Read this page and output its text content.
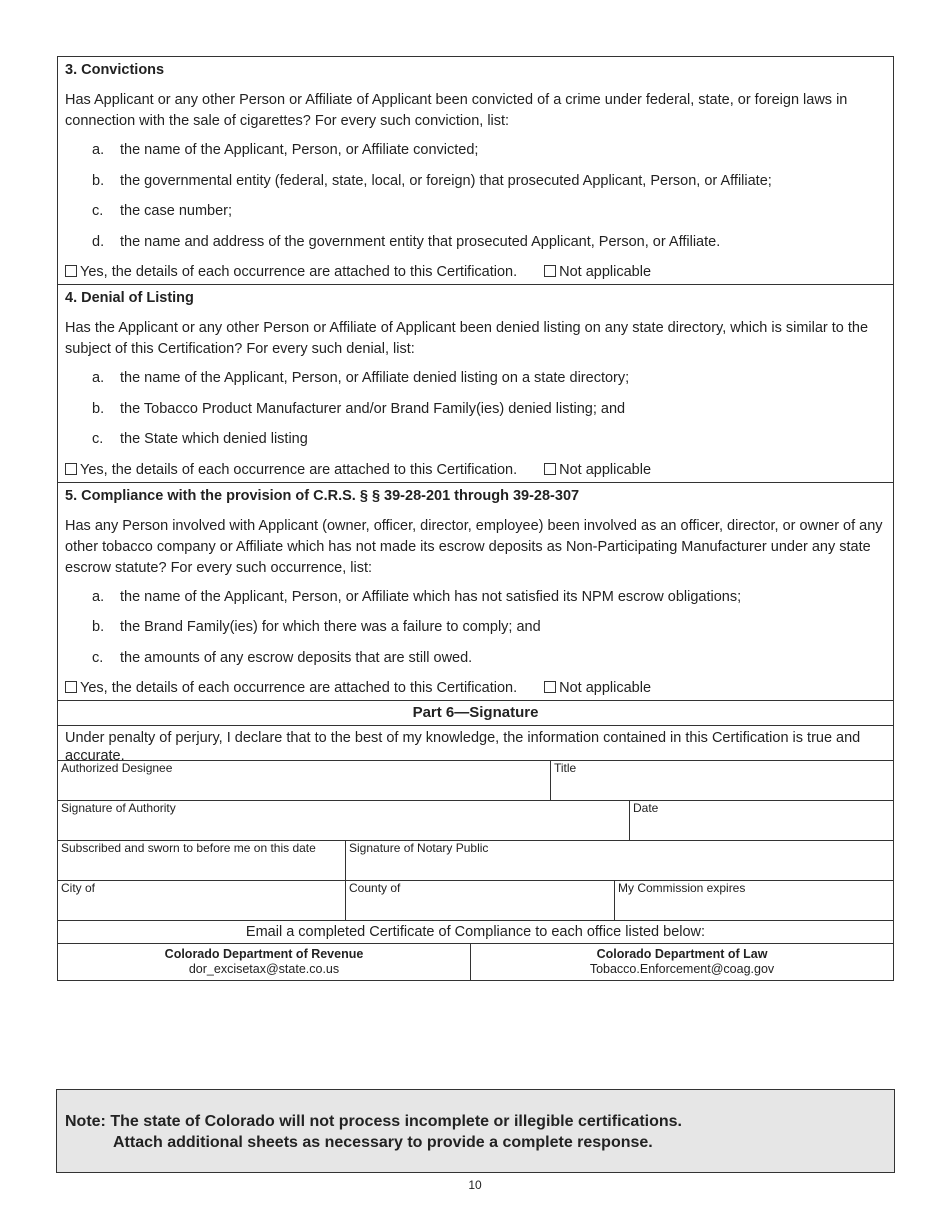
3. Convictions
Has Applicant or any other Person or Affiliate of Applicant been convicted of a crime under federal, state, or foreign laws in connection with the sale of cigarettes? For every such conviction, list:
a.	the name of the Applicant, Person, or Affiliate convicted;
b.	the governmental entity (federal, state, local, or foreign) that prosecuted Applicant, Person, or Affiliate;
c.	the case number;
d.	the name and address of the government entity that prosecuted Applicant, Person, or Affiliate.
Yes, the details of each occurrence are attached to this Certification.	Not applicable
4. Denial of Listing
Has the Applicant or any other Person or Affiliate of Applicant been denied listing on any state directory, which is similar to the subject of this Certification? For every such denial, list:
a.	the name of the Applicant, Person, or Affiliate denied listing on a state directory;
b.	the Tobacco Product Manufacturer and/or Brand Family(ies) denied listing; and
c.	the State which denied listing
Yes, the details of each occurrence are attached to this Certification.	Not applicable
5. Compliance with the provision of C.R.S. § § 39-28-201 through 39-28-307
Has any Person involved with Applicant (owner, officer, director, employee) been involved as an officer, director, or owner of any other tobacco company or Affiliate which has not made its escrow deposits as Non-Participating Manufacturer under any state escrow statute? For every such occurrence, list:
a.	the name of the Applicant, Person, or Affiliate which has not satisfied its NPM escrow obligations;
b.	the Brand Family(ies) for which there was a failure to comply; and
c.	the amounts of any escrow deposits that are still owed.
Yes, the details of each occurrence are attached to this Certification.	Not applicable
Part 6—Signature
Under penalty of perjury, I declare that to the best of my knowledge, the information contained in this Certification is true and accurate.
Authorized Designee	Title
Signature of Authority	Date
Subscribed and sworn to before me on this date	Signature of Notary Public
City of	County of	My Commission expires
Email a completed Certificate of Compliance to each office listed below:
Colorado Department of Revenue
dor_excisetax@state.co.us
Colorado Department of Law
Tobacco.Enforcement@coag.gov
Note: The state of Colorado will not process incomplete or illegible certifications.
Attach additional sheets as necessary to provide a complete response.
10
